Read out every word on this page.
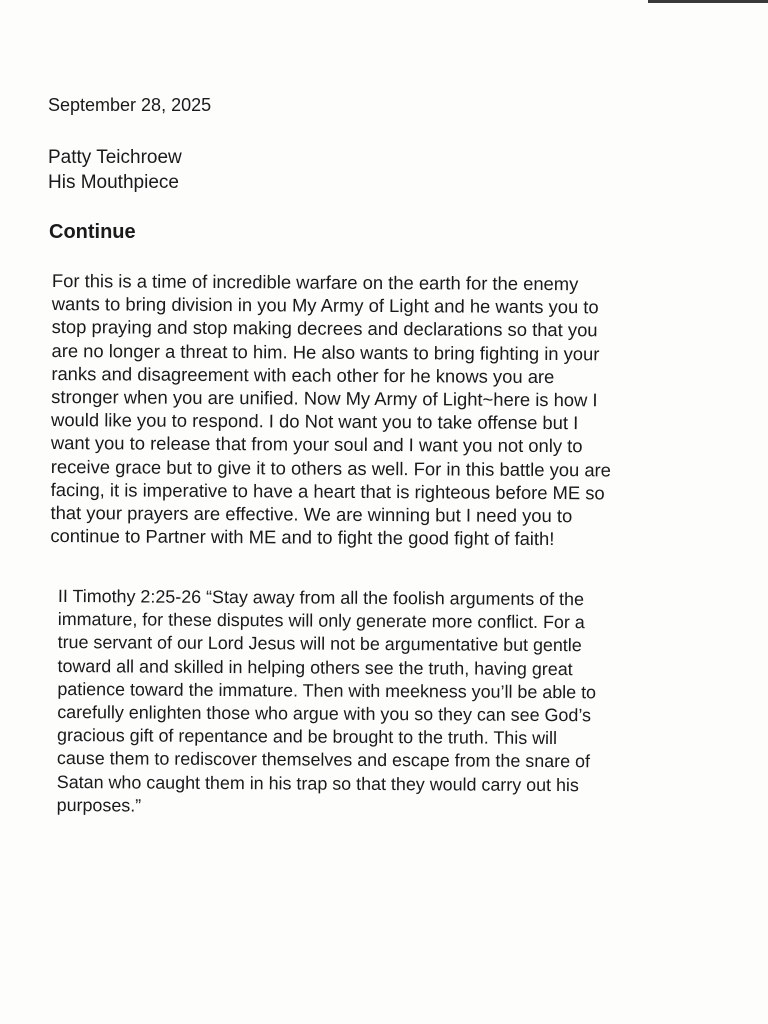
September 28, 2025

Patty Teichroew
His Mouthpiece
Continue

For this is a time of incredible warfare on the earth for the enemy
wants to bring division in you My Army of Light and he wants you to
stop praying and stop making decrees and declarations so that you
are no longer a threat to him. He also wants to bring fighting in your
ranks and disagreement with each other for he knows you are
stronger when you are unified. Now My Army of Light~here is how I
would like you to respond. I do Not want you to take offense but I
want you to release that from your soul and I want you not only to
receive grace but to give it to others as well. For in this battle you are
facing, it is imperative to have a heart that is righteous before ME so
that your prayers are effective. We are winning but I need you to
continue to Partner with ME and to fight the good fight of faith!

II Timothy 2:25-26 “Stay away from all the foolish arguments of the
immature, for these disputes will only generate more conflict. For a
true servant of our Lord Jesus will not be argumentative but gentle
toward all and skilled in helping others see the truth, having great
patience toward the immature. Then with meekness you’ll be able to
carefully enlighten those who argue with you so they can see God’s
gracious gift of repentance and be brought to the truth. This will
cause them to rediscover themselves and escape from the snare of
Satan who caught them in his trap so that they would carry out his
purposes.”
